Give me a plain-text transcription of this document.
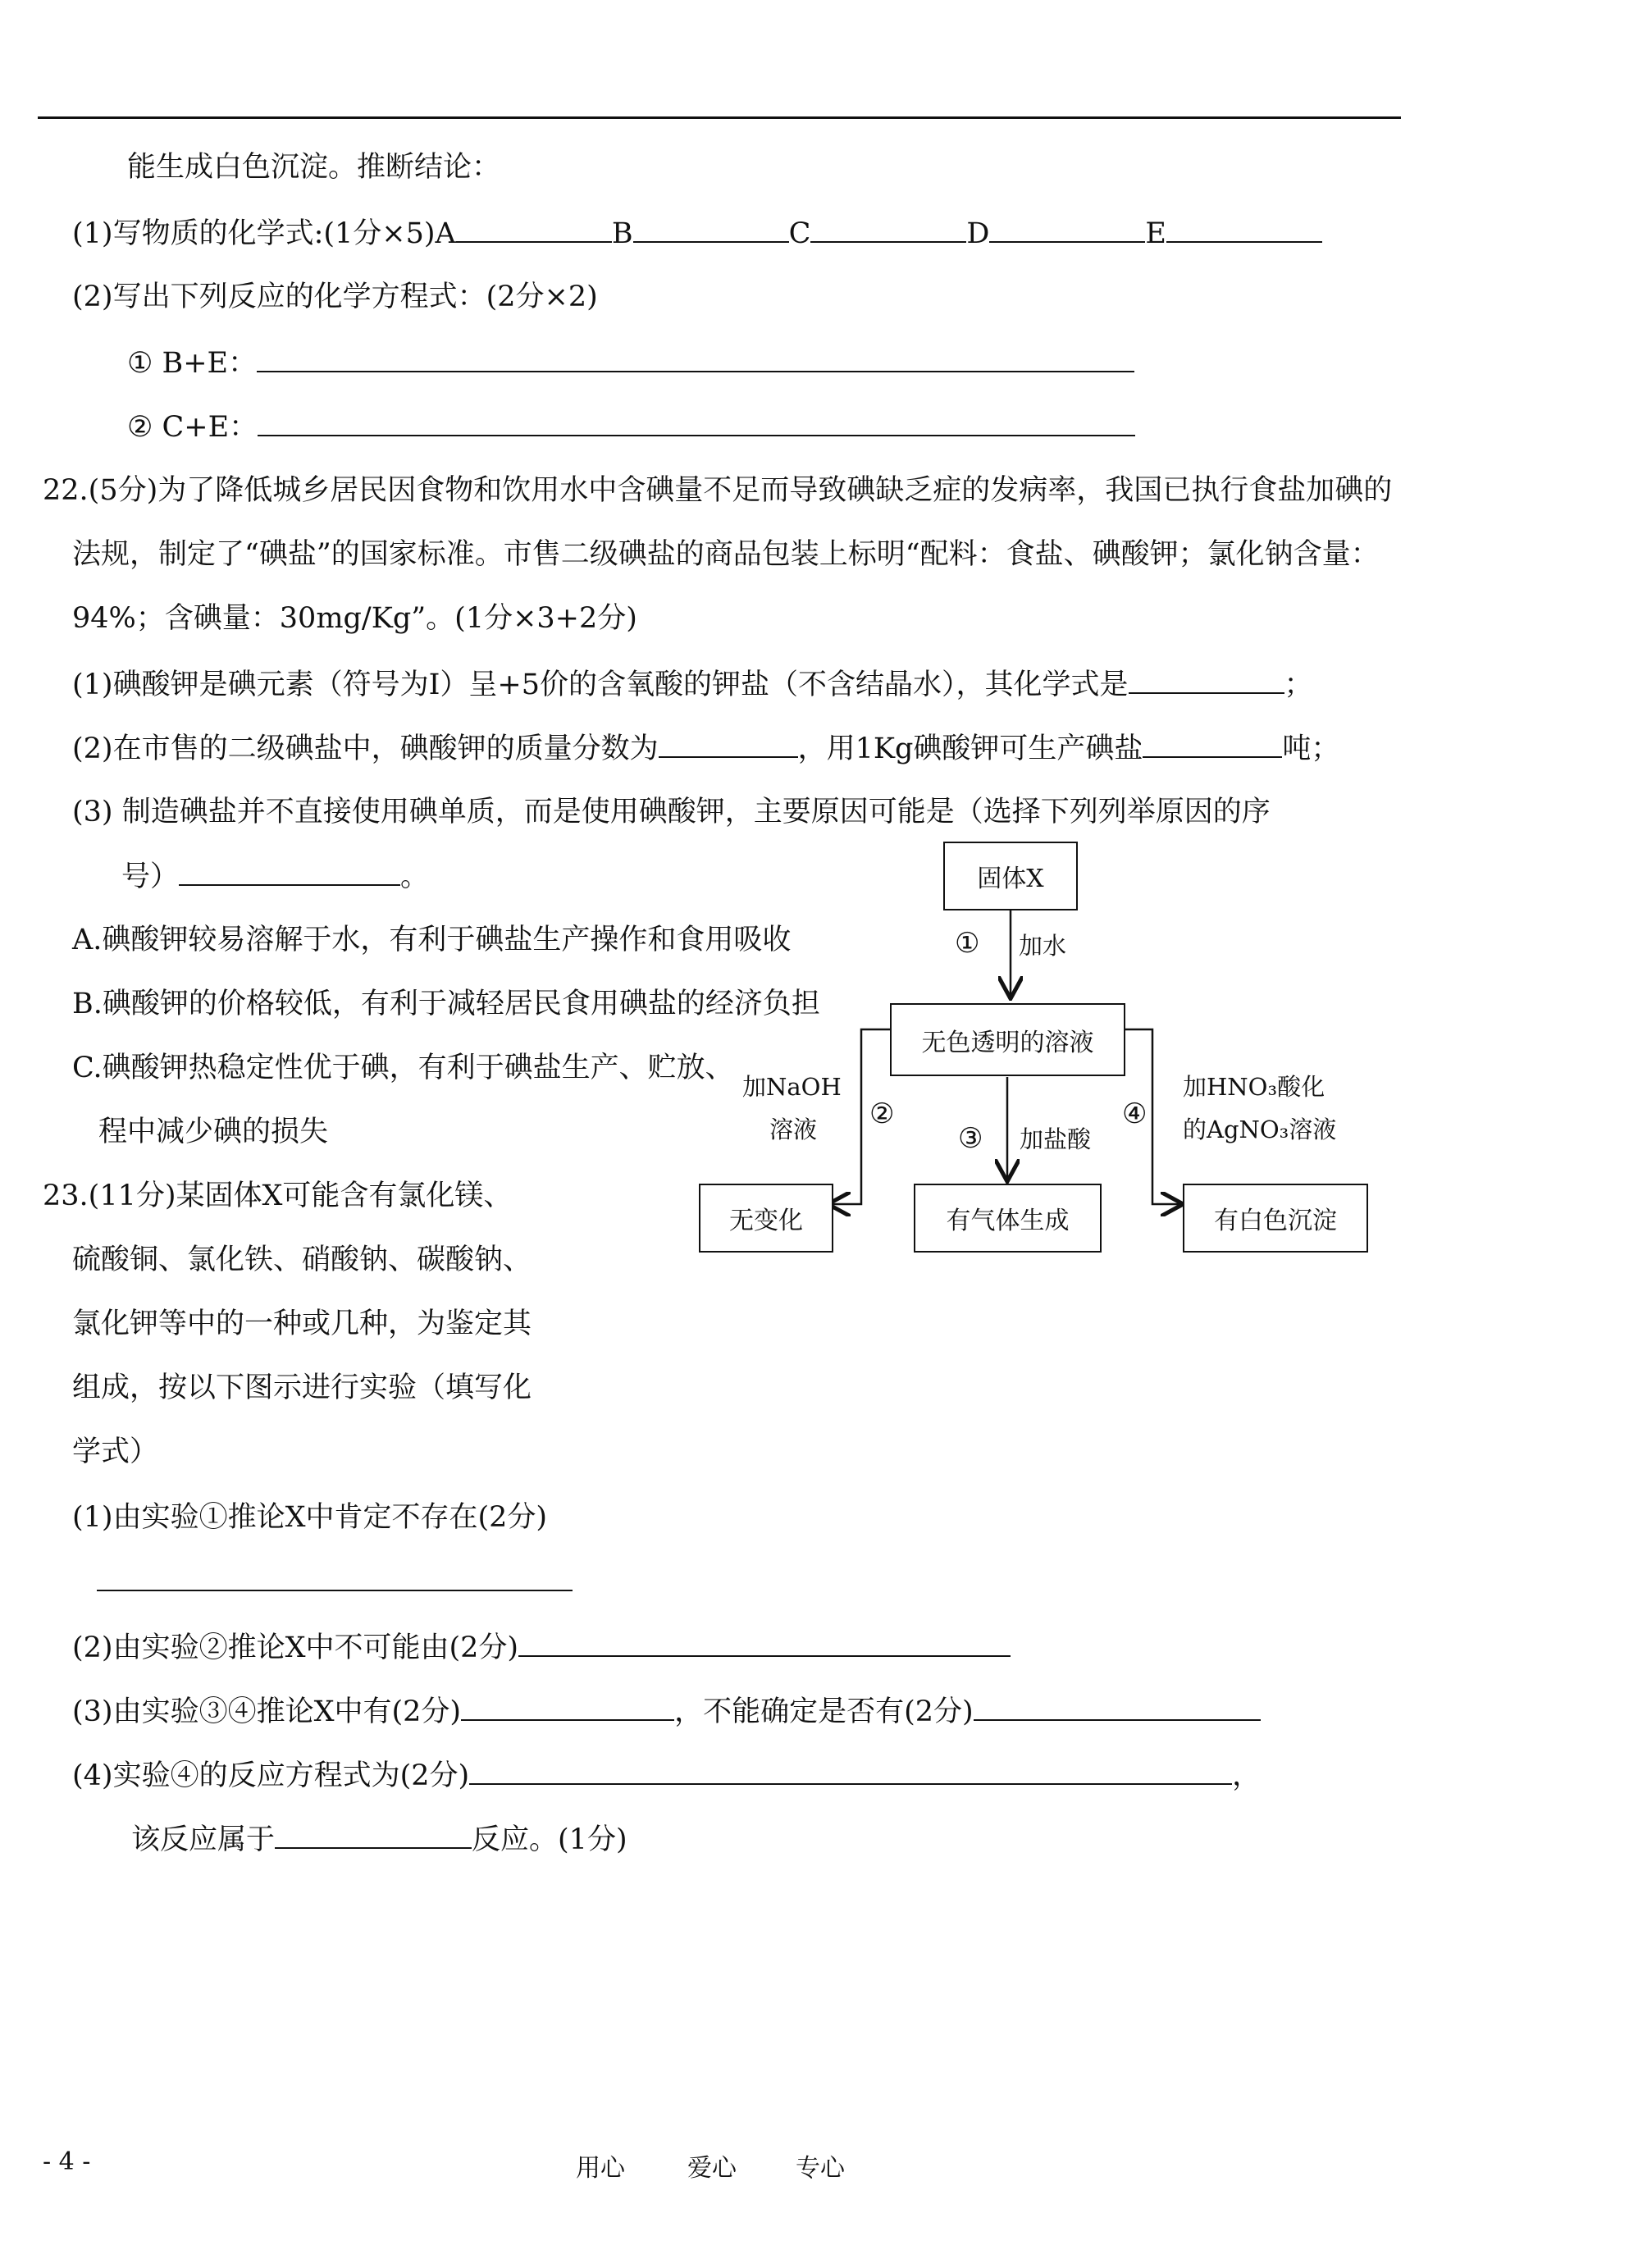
能生成白色沉淀。推断结论：
(1)写物质的化学式:(1分×5)A	B	C	D	E
(2)写出下列反应的化学方程式：(2分×2)
① B+E：
② C+E：
22.(5分)为了降低城乡居民因食物和饮用水中含碘量不足而导致碘缺乏症的发病率，我国已执行食盐加碘的
法规，制定了“碘盐”的国家标准。市售二级碘盐的商品包装上标明“配料：食盐、碘酸钾；氯化钠含量：
94%；含碘量：30mg/Kg”。(1分×3+2分)
(1)碘酸钾是碘元素（符号为I）呈+5价的含氧酸的钾盐（不含结晶水），其化学式是	；
(2)在市售的二级碘盐中，碘酸钾的质量分数为	，用1Kg碘酸钾可生产碘盐	吨；
(3) 制造碘盐并不直接使用碘单质，而是使用碘酸钾，主要原因可能是（选择下列列举原因的序
号）	。
A.碘酸钾较易溶解于水，有利于碘盐生产操作和食用吸收
B.碘酸钾的价格较低，有利于减轻居民食用碘盐的经济负担
C.碘酸钾热稳定性优于碘，有利于碘盐生产、贮放、
程中减少碘的损失
23.(11分)某固体X可能含有氯化镁、
硫酸铜、氯化铁、硝酸钠、碳酸钠、
氯化钾等中的一种或几种，为鉴定其
组成，按以下图示进行实验（填写化
学式）
(1)由实验①推论X中肯定不存在(2分)
(2)由实验②推论X中不可能由(2分)
(3)由实验③④推论X中有(2分)	，不能确定是否有(2分)
(4)实验④的反应方程式为(2分)	，
该反应属于	反应。(1分)
固体X
① 加水
无色透明的溶液
加NaOH
溶液 ②
③ 加盐酸
④
加HNO₃酸化
的AgNO₃溶液
无变化	有气体生成	有白色沉淀
- 4 -	用心	爱心 专心
